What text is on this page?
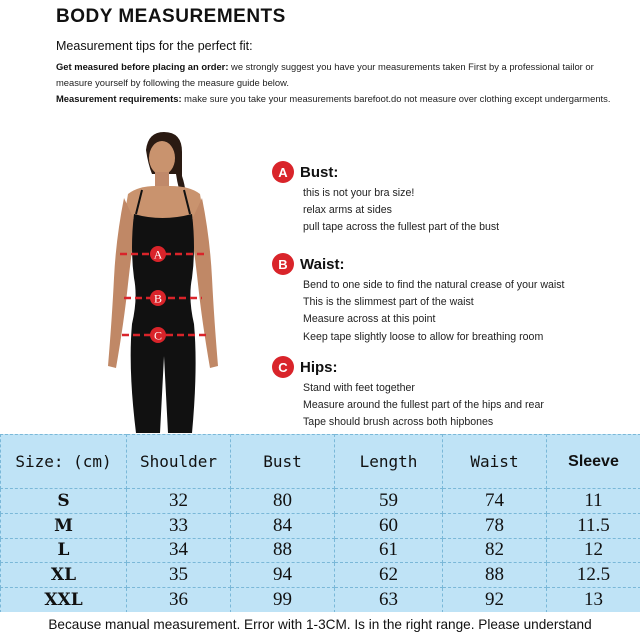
BODY MEASUREMENTS
Measurement tips for the perfect fit:
Get measured before placing an order: we strongly suggest you have your measurements taken First by a professional tailor or measure yourself by following the measure guide below.
Measurement requirements: make sure you take your measurements barefoot.do not measure over clothing except undergarments.
A
B
C
A Bust:
this is not your bra size!
relax arms at sides
pull tape across the fullest part of the bust
B Waist:
Bend to one side to find the natural crease of your waist
This is the slimmest part of the waist
Measure across at this point
Keep tape slightly loose to allow for breathing room
C Hips:
Stand with feet together
Measure around the fullest part of the hips and rear
Tape should brush across both hipbones
Size: (cm)	Shoulder	Bust	Length	Waist	Sleeve
S	32	80	59	74	11
M	33	84	60	78	11.5
L	34	88	61	82	12
XL	35	94	62	88	12.5
XXL	36	99	63	92	13
Because manual measurement. Error with 1-3CM. Is in the right range. Please understand
